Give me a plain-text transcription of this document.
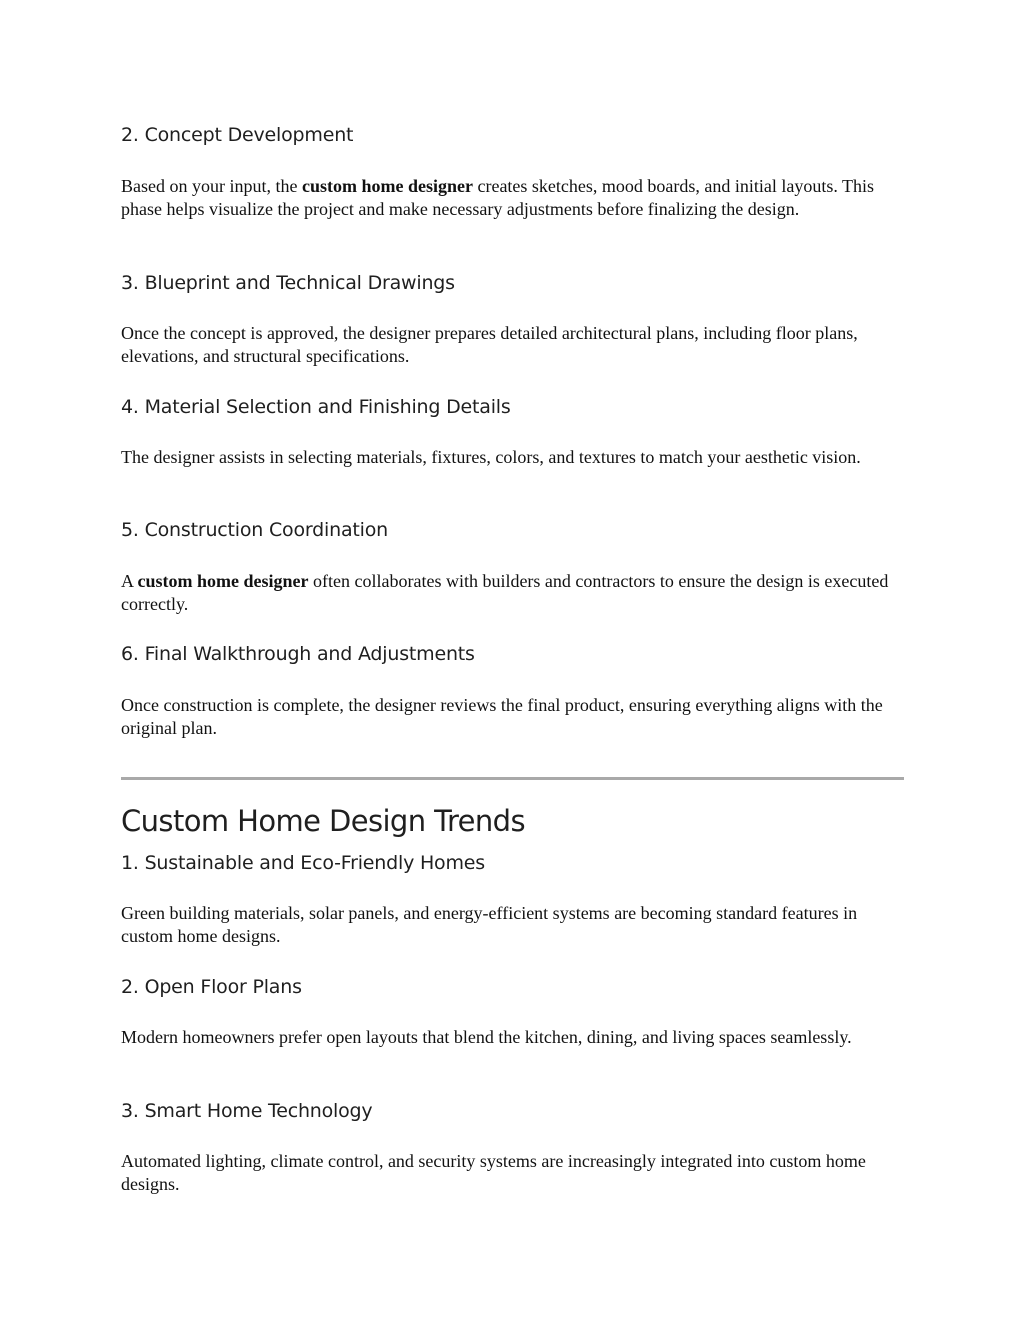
2. Concept Development

Based on your input, the custom home designer creates sketches, mood boards, and initial layouts. This phase helps visualize the project and make necessary adjustments before finalizing the design.

3. Blueprint and Technical Drawings

Once the concept is approved, the designer prepares detailed architectural plans, including floor plans, elevations, and structural specifications.

4. Material Selection and Finishing Details

The designer assists in selecting materials, fixtures, colors, and textures to match your aesthetic vision.

5. Construction Coordination

A custom home designer often collaborates with builders and contractors to ensure the design is executed correctly.

6. Final Walkthrough and Adjustments

Once construction is complete, the designer reviews the final product, ensuring everything aligns with the original plan.

Custom Home Design Trends
1. Sustainable and Eco-Friendly Homes

Green building materials, solar panels, and energy-efficient systems are becoming standard features in custom home designs.

2. Open Floor Plans

Modern homeowners prefer open layouts that blend the kitchen, dining, and living spaces seamlessly.

3. Smart Home Technology

Automated lighting, climate control, and security systems are increasingly integrated into custom home designs.
